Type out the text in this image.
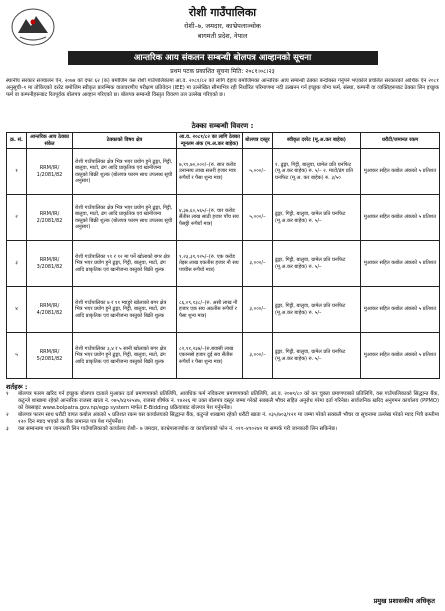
रोशी गाउँपालिका
रोशी–७, जमदार, काभ्रेपलाञ्चोक
बागमती प्रदेश, नेपाल
आन्तरिक आय संकलन सम्बन्धी बोलपत्र आव्हानको सूचना
प्रथम पटक प्रकाशित सूचना मिति: २०८१।०८।२३
स्थानीय सरकार सञ्चालन ऐन, २०७४ को दफा ६२ (क) बमोजिम यस रोशी गाउँपालिकामा आ.व. २०८१/८२ को लागि देहाय बमोजिमका आन्तरिक आय सम्बन्धी ठेक्का बन्दोबस्त गर्नुपर्ने भएकोले प्रचलित सरकारको आर्थिक ऐन २०८१ अनुसूची–१ मा तोकिएको दररेट बमोजिम स्वीकृत प्रारम्भिक वातावरणीय परीक्षण प्रतिवेदन (IEE) मा उल्लेखित सीमाभित्र रही निर्धारित परिमाणमा नदी उत्खनन गर्न इच्छुक योग्य फर्म, संस्था, कम्पनी वा व्यक्तिहरूबाट ठेक्का लिन इच्छुक फर्म वा कम्पनीहरूबाट रितपूर्वक बोलपत्र आव्हान गरिएको छ। बोलपत्र सम्बन्धी विस्तृत विवरण तल उल्लेख गरिएको छ।
ठेक्का सम्बन्धी विवरण :
क्र. सं.	आन्तरिक आय ठेक्का संकेत	ठेक्काको विषय क्षेत्र	आ.व. २०८१/८२ का लागि ठेक्का न्यूनतम अंक (म.अ.कर बाहेक)	बोलपत्र दस्तुर	स्वीकृत दररेट (मू.अ.कर बाहेक)	धरौटी/जमानत रकम
१	RRM/IR/ 1/2081/82	रोशी गाउँपालिका क्षेत्र भित्र भएर प्रयोग हुने ढुङ्गा, गिट्टी, बालुवा, माटो, ढंग आदि प्राकृतिक एवं खानीजन्य वस्तुको बिक्री शुल्क (बोलपत्र फारम साथ उपलब्ध सूची अनुसार)	७,९९,७०,०००/–(रु. सात करोड उनान्सय लाख सत्तरी हजार मात्र रूपैयाँ र पैसा शुन्य मात्र)	५,०००/–	१. ढुङ्गा, गिट्टी, बालुवा, ग्रामेल प्रति घनफिट (मू.अ.कर बाहेक) रु. ५/– २. माटो/ढंग प्रति घनफिट (मू.अ. कर बाहेक) रु. ३/५०	मुआकर सहित कबोल अंकको ५ प्रतिशत
२	RRM/IR/ 2/2081/82	रोशी गाउँपालिका क्षेत्र भित्र भएर प्रयोग हुने ढुङ्गा, गिट्टी, बालुवा, माटो, ढंग आदि प्राकृतिक एवं खानीजन्य वस्तुको बिक्री शुल्क (बोलपत्र फारम साथ उपलब्ध सूची अनुसार)	४,३७,६०,५६५/–(रु. चार करोड सैंतीस लाख साठी हजार पाँच सय पैसठ्ठी रूपैयाँ मात्र)	५,०००/–	ढुङ्गा, गिट्टी, बालुवा, ग्रामेल प्रति घनफिट (मू.अ.कर बाहेक) रु. ५/–	मुआकर सहित कबोल अंकको ५ प्रतिशत
३	RRM/IR/ 3/2081/82	रोशी गाउँपालिका ११ र १२ मा पर्ने खोलाको बगर क्षेत्र भित्र भएर प्रयोग हुने ढुङ्गा, गिट्टी, बालुवा, माटो, ढंग आदि प्राकृतिक एवं खानीजन्य वस्तुको बिक्री शुल्क	१,२३,३१,९२५/–(रु. एक करोड तेइस लाख एकतीस हजार नौ सय पच्चीस रूपैयाँ मात्र)	३,०००/–	ढुङ्गा, गिट्टी, बालुवा, ग्रामेल प्रति घनफिट (मू.अ.कर बाहेक) रु. ५/–	मुआकर सहित कबोल अंकको ५ प्रतिशत
४	RRM/IR/ 4/2081/82	रोशी गाउँपालिका ७ र ११ म्याडुरे खोलाको बगर क्षेत्र भित्र भएर प्रयोग हुने ढुङ्गा, गिट्टी, बालुवा, माटो, ढंग आदि प्राकृतिक एवं खानीजन्य वस्तुको बिक्री शुल्क	८६,०९,१३८/–(रु. असी लाख नौ हजार एक सय अठतीस रूपैयाँ र पैसा शुन्य मात्र)	३,०००/–	ढुङ्गा, गिट्टी, बालुवा, ग्रामेल प्रति घनफिट (मू.अ.कर बाहेक) रु. ५/–	मुआकर सहित कबोल अंकको ५ प्रतिशत
५	RRM/IR/ 5/2081/82	रोशी गाउँपालिका ३,४ र ५ सानी खोलाको बगर क्षेत्र भित्र भएर प्रयोग हुने ढुङ्गा, गिट्टी, बालुवा, माटो, ढंग आदि प्राकृतिक एवं खानीजन्य वस्तुको बिक्री शुल्क	८२,९१,२३७/–(रु.बयासी लाख एकानब्बे हजार दुई सय सैंतीस रूपैयाँ र पैसा शुन्य मात्र)	३,०००/–	ढुङ्गा, गिट्टी, बालुवा, ग्रामेल प्रति घनफिट (मू.अ.कर बाहेक) रु. ५/–	मुआकर सहित कबोल अंकको ५ प्रतिशत
शर्तहरू :
१	बोलपत्र फारम खरिद गर्न इच्छुक बोलपत्र दाताले मुआकर दर्ता प्रमाणपत्रको प्रतिलिपि, आवधिक फर्म नविकरण प्रमाणपत्रको प्रतिलिपि, आ.व. २०७९/८० को कर चुक्ता प्रमाणपत्रको प्रतिलिपि, यस गाउँपालिकाको सिद्धान्त बैंक, कटुन्जे शाखामा रहेको आन्तरिक राजस्व खाता नं. ०७५/४३९२५४७, राजस्व शीर्षक नं. १४२२६ मा उक्त बोलपत्र दस्तुर जम्मा गरेको सक्कलै भौचर सहित अनुरोध गरेमा दर्ता गरिनेछ। सार्वजनिक खरिद अनुगमन कार्यालय (PPMO) को वेबसाइट www.bolpatra.gov.np/egp system मार्फत E-Bidding प्रक्रियाबाट बोलपत्र पेश गर्नुपर्नेछ।
२	बोलपत्र फारम साथ धरौटी वापत कबोल अंकको ५ प्रतिशत रकम यस कार्यालयको सिद्धान्त बैंक, कटुन्जे शाखामा रहेको धरौटी खाता नं. ०३५/७०३/१२१ मा जम्मा गरेको सक्कलै भौचर वा सूचनामा उल्लेख गरेको म्याद भित्रै कम्तीमा १२० दिन म्याद भएको क बैंक जमानत पत्र पेश गर्नुपर्नेछ।
३	यस सम्बन्धमा थप जानकारी लिन गाउँपालिकाको कार्यालय रोशी– ७ जमदार, काभ्रेपलाञ्चोक वा कार्यालयको फोन नं. ०११–४९०२४२ मा सम्पर्क गरी जानकारी लिन सकिनेछ।
प्रमुख प्रशासकीय अधिकृत
